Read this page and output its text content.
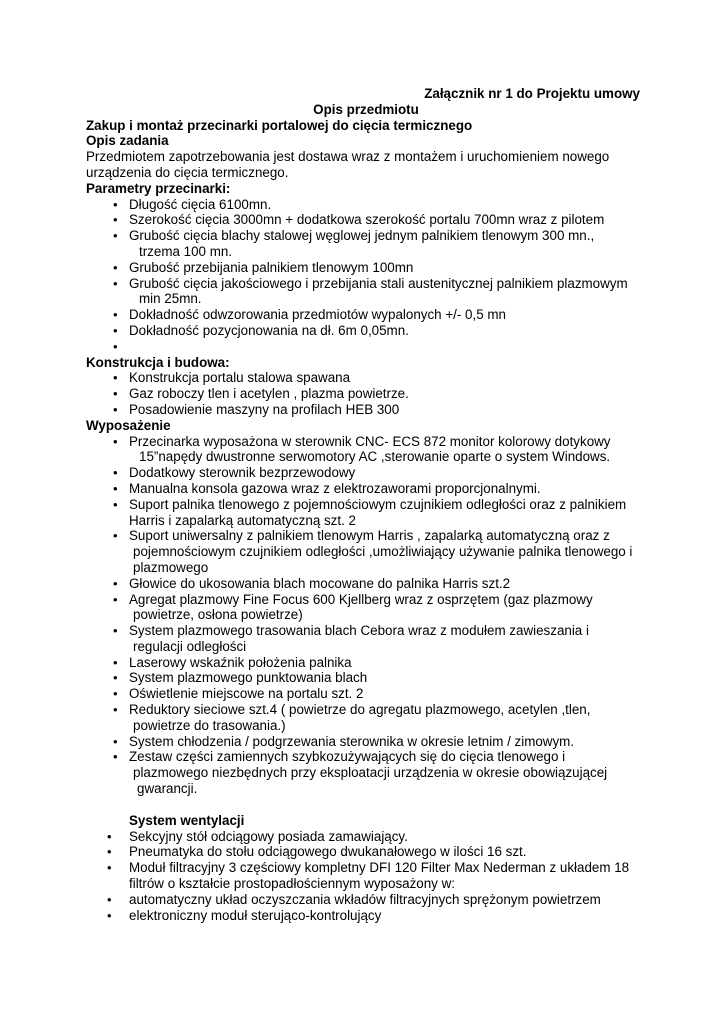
Załącznik nr 1 do Projektu umowy

Opis przedmiotu

Zakup i montaż przecinarki portalowej do cięcia termicznego

Opis zadania

Przedmiotem zapotrzebowania jest dostawa wraz z montażem i uruchomieniem nowego

urządzenia do cięcia termicznego.

Parametry przecinarki:

• Długość cięcia 6100mn.
• Szerokość cięcia 3000mn + dodatkowa szerokość portalu 700mn wraz z pilotem
• Grubość cięcia blachy stalowej węglowej jednym palnikiem tlenowym 300 mn.,
trzema 100 mn.
• Grubość przebijania palnikiem tlenowym 100mn
• Grubość cięcia jakościowego i przebijania stali austenitycznej palnikiem plazmowym
min 25mn.
• Dokładność odwzorowania przedmiotów wypalonych +/- 0,5 mn
• Dokładność pozycjonowania na dł. 6m 0,05mn.
•

Konstrukcja i budowa:

• Konstrukcja portalu stalowa spawana
• Gaz roboczy tlen i acetylen , plazma powietrze.
• Posadowienie maszyny na profilach HEB 300

Wyposażenie

• Przecinarka wyposażona w sterownik CNC- ECS 872 monitor kolorowy dotykowy
15”napędy dwustronne serwomotory AC ,sterowanie oparte o system Windows.
• Dodatkowy sterownik bezprzewodowy
• Manualna konsola gazowa wraz z elektrozaworami proporcjonalnymi.
• Suport palnika tlenowego z pojemnościowym czujnikiem odległości oraz z palnikiem
Harris i zapalarką automatyczną szt. 2
• Suport uniwersalny z palnikiem tlenowym Harris , zapalarką automatyczną oraz z
pojemnościowym czujnikiem odległości ,umożliwiający używanie palnika tlenowego i
plazmowego
• Głowice do ukosowania blach mocowane do palnika Harris szt.2
• Agregat plazmowy Fine Focus 600 Kjellberg wraz z osprzętem (gaz plazmowy
powietrze, osłona powietrze)
• System plazmowego trasowania blach Cebora wraz z modułem zawieszania i
regulacji odległości
• Laserowy wskaźnik położenia palnika
• System plazmowego punktowania blach
• Oświetlenie miejscowe na portalu szt. 2
• Reduktory sieciowe szt.4 ( powietrze do agregatu plazmowego, acetylen ,tlen,
powietrze do trasowania.)
• System chłodzenia / podgrzewania sterownika w okresie letnim / zimowym.
• Zestaw części zamiennych szybkozużywających się do cięcia tlenowego i
plazmowego niezbędnych przy eksploatacji urządzenia w okresie obowiązującej
gwarancji.

System wentylacji

• Sekcyjny stół odciągowy posiada zamawiający.
• Pneumatyka do stołu odciągowego dwukanałowego w ilości 16 szt.
• Moduł filtracyjny 3 częściowy kompletny DFI 120 Filter Max Nederman z układem 18
filtrów o kształcie prostopadłościennym wyposażony w:
• automatyczny układ oczyszczania wkładów filtracyjnych sprężonym powietrzem
• elektroniczny moduł sterująco-kontrolujący
